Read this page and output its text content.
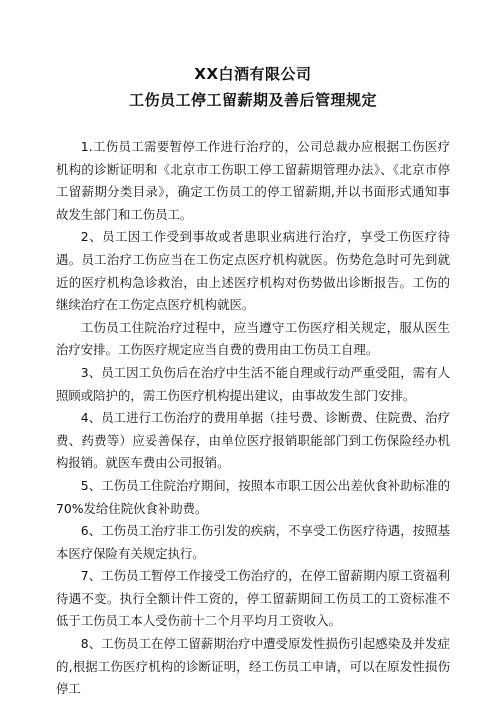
XX白酒有限公司
工伤员工停工留薪期及善后管理规定

1.工伤员工需要暂停工作进行治疗的，公司总裁办应根据工伤医疗机构的诊断证明和《北京市工伤职工停工留薪期管理办法》、《北京市停工留薪期分类目录》，确定工伤员工的停工留薪期,并以书面形式通知事故发生部门和工伤员工。

2、员工因工作受到事故或者患职业病进行治疗，享受工伤医疗待遇。员工治疗工伤应当在工伤定点医疗机构就医。伤势危急时可先到就近的医疗机构急诊救治，由上述医疗机构对伤势做出诊断报告。工伤的继续治疗在工伤定点医疗机构就医。

工伤员工住院治疗过程中，应当遵守工伤医疗相关规定，服从医生治疗安排。工伤医疗规定应当自费的费用由工伤员工自理。

3、员工因工负伤后在治疗中生活不能自理或行动严重受阻，需有人照顾或陪护的，需工伤医疗机构提出建议，由事故发生部门安排。

4、员工进行工伤治疗的费用单据（挂号费、诊断费、住院费、治疗费、药费等）应妥善保存，由单位医疗报销职能部门到工伤保险经办机构报销。就医车费由公司报销。

5、工伤员工住院治疗期间，按照本市职工因公出差伙食补助标准的70%发给住院伙食补助费。

6、工伤员工治疗非工伤引发的疾病，不享受工伤医疗待遇，按照基本医疗保险有关规定执行。

7、工伤员工暂停工作接受工伤治疗的，在停工留薪期内原工资福利待遇不变。执行全额计件工资的，停工留薪期间工伤员工的工资标准不低于工伤员工本人受伤前十二个月平均月工资收入。

8、工伤员工在停工留薪期治疗中遭受原发性损伤引起感染及并发症的,根据工伤医疗机构的诊断证明，经工伤员工申请，可以在原发性损伤停工
